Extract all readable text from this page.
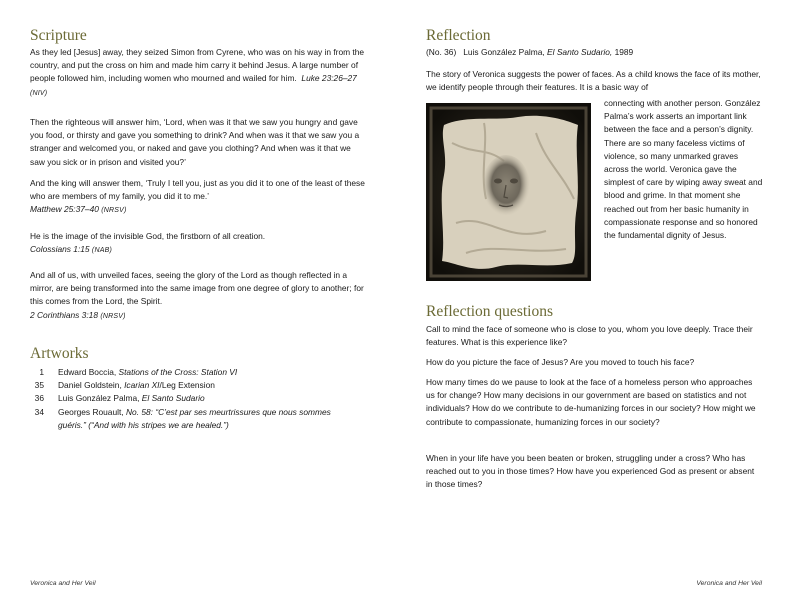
Scripture

As they led [Jesus] away, they seized Simon from Cyrene, who was on his way in from the country, and put the cross on him and made him carry it behind Jesus. A large number of people followed him, including women who mourned and wailed for him. Luke 23:26–27 (NIV)

Then the righteous will answer him, ‘Lord, when was it that we saw you hungry and gave you food, or thirsty and gave you something to drink? And when was it that we saw you a stranger and welcomed you, or naked and gave you clothing? And when was it that we saw you sick or in prison and visited you?’

And the king will answer them, ‘Truly I tell you, just as you did it to one of the least of these who are members of my family, you did it to me.’
Matthew 25:37–40 (NRSV)

He is the image of the invisible God, the firstborn of all creation.
Colossians 1:15 (NAB)

And all of us, with unveiled faces, seeing the glory of the Lord as though reflected in a mirror, are being transformed into the same image from one degree of glory to another; for this comes from the Lord, the Spirit.
2 Corinthians 3:18 (NRSV)

Artworks
1 Edward Boccia, Stations of the Cross: Station VI
35 Daniel Goldstein, Icarian XI/Leg Extension
36 Luis González Palma, El Santo Sudario
34 Georges Rouault, No. 58: “C’est par ses meurtrissures que nous sommes guéris.” (“And with his stripes we are healed.”)
Veronica and Her Veil
Reflection

(No. 36) Luis González Palma, El Santo Sudario, 1989

The story of Veronica suggests the power of faces. As a child knows the face of its mother, we identify people through their features. It is a basic way of

connecting with another person. González Palma’s work asserts an important link between the face and a person’s dignity. There are so many faceless victims of violence, so many unmarked graves across the world. Veronica gave the simplest of care by wiping away sweat and blood and grime. In that moment she reached out from her basic humanity in compassionate response and so honored the fundamental dignity of Jesus.

Reflection questions

Call to mind the face of someone who is close to you, whom you love deeply. Trace their features. What is this experience like?

How do you picture the face of Jesus? Are you moved to touch his face?

How many times do we pause to look at the face of a homeless person who approaches us for change? How many decisions in our government are based on statistics and not individuals? How do we contribute to de-humanizing forces in our society? How might we contribute to compassionate, humanizing forces in our society?

When in your life have you been beaten or broken, struggling under a cross? Who has reached out to you in those times? How have you experienced God as present or absent in those times?

Veronica and Her Veil
